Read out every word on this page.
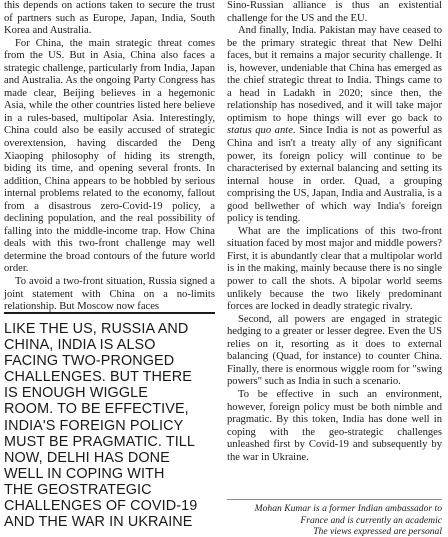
this depends on actions taken to secure the trust of partners such as Europe, Japan, India, South Korea and Australia.

For China, the main strategic threat comes from the US. But in Asia, China also faces a strategic challenge, particularly from India, Japan and Australia. As the ongoing Party Congress has made clear, Beijing believes in a hegemonic Asia, while the other countries listed here believe in a rules-based, multipolar Asia. Interestingly, China could also be easily accused of strategic overextension, having discarded the Deng Xiaoping philosophy of hiding its strength, biding its time, and opening several fronts. In addition, China appears to be hobbled by serious internal problems related to the economy, fallout from a disastrous zero-Covid-19 policy, a declining population, and the real possibility of falling into the middle-income trap. How China deals with this two-front challenge may well determine the broad contours of the future world order.

To avoid a two-front situation, Russia signed a joint statement with China on a no-limits relationship. But Moscow now faces

LIKE THE US, RUSSIA AND
CHINA, INDIA IS ALSO
FACING TWO-PRONGED
CHALLENGES. BUT THERE
IS ENOUGH WIGGLE
ROOM. TO BE EFFECTIVE,
INDIA'S FOREIGN POLICY
MUST BE PRAGMATIC. TILL
NOW, DELHI HAS DONE
WELL IN COPING WITH
THE GEOSTRATEGIC
CHALLENGES OF COVID-19
AND THE WAR IN UKRAINE

Sino-Russian alliance is thus an existential challenge for the US and the EU.

And finally, India. Pakistan may have ceased to be the primary strategic threat that New Delhi faces, but it remains a major security challenge. It is, however, undeniable that China has emerged as the chief strategic threat to India. Things came to a head in Ladakh in 2020; since then, the relationship has nosedived, and it will take major optimism to hope things will ever go back to status quo ante. Since India is not as powerful as China and isn't a treaty ally of any significant power, its foreign policy will continue to be characterised by external balancing and setting its internal house in order. Quad, a grouping comprising the US, Japan, India and Australia, is a good bellwether of which way India's foreign policy is tending.

What are the implications of this two-front situation faced by most major and middle powers? First, it is abundantly clear that a multipolar world is in the making, mainly because there is no single power to call the shots. A bipolar world seems unlikely because the two likely predominant forces are locked in deadly strategic rivalry.

Second, all powers are engaged in strategic hedging to a greater or lesser degree. Even the US relies on it, resorting as it does to external balancing (Quad, for instance) to counter China. Finally, there is enormous wiggle room for "swing powers" such as India in such a scenario.

To be effective in such an environment, however, foreign policy must be both nimble and pragmatic. By this token, India has done well in coping with the geo-strategic challenges unleashed first by Covid-19 and subsequently by the war in Ukraine.

Mohan Kumar is a former Indian ambassador to
France and is currently an academic
The views expressed are personal
